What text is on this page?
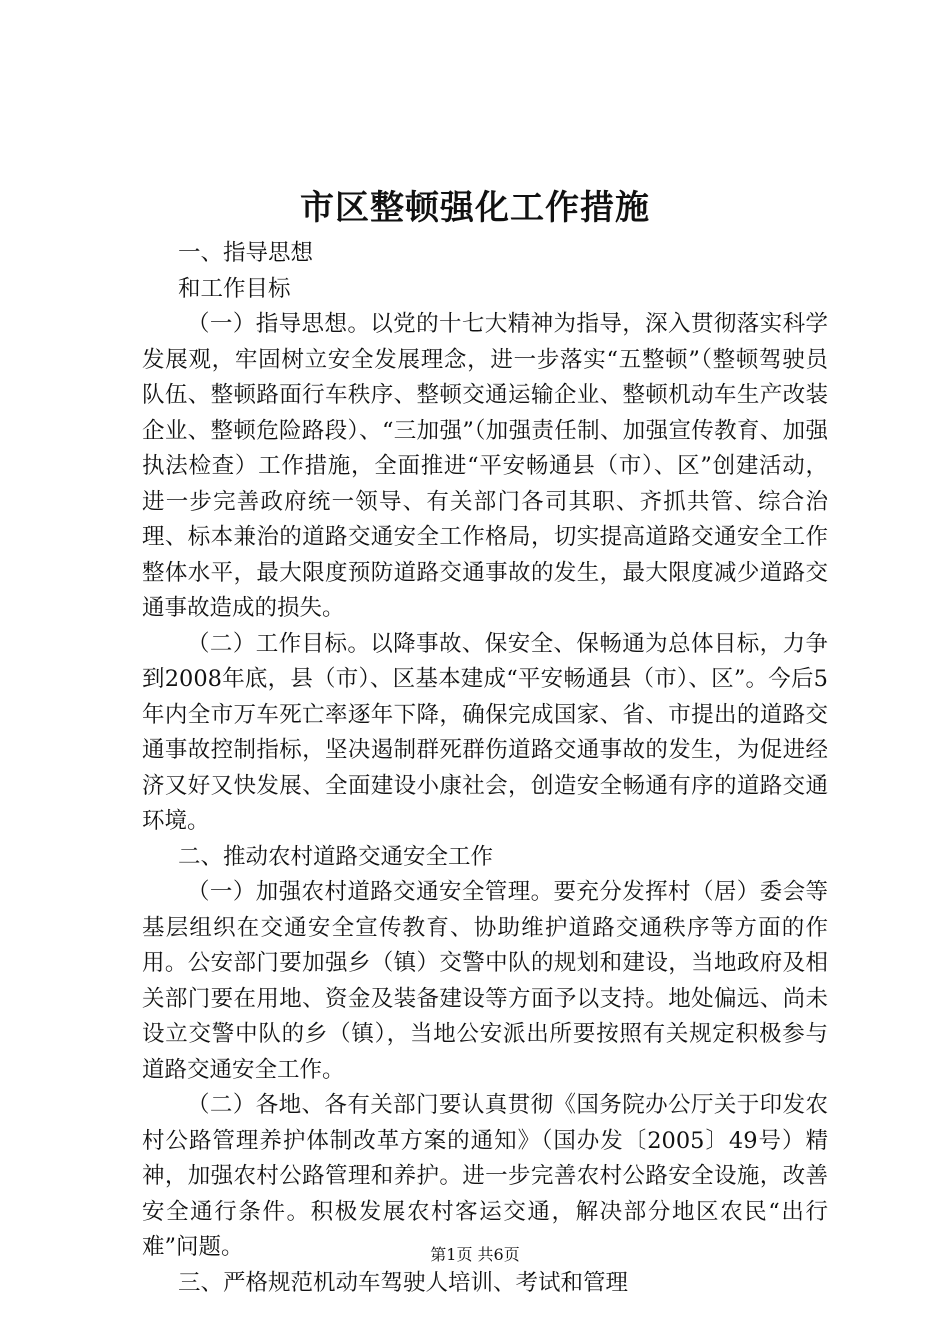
市区整顿强化工作措施
一、指导思想
和工作目标
（一）指导思想。以党的十七大精神为指导，深入贯彻落实科学发展观，牢固树立安全发展理念，进一步落实“五整顿”（整顿驾驶员队伍、整顿路面行车秩序、整顿交通运输企业、整顿机动车生产改装企业、整顿危险路段）、“三加强”（加强责任制、加强宣传教育、加强执法检查）工作措施，全面推进“平安畅通县（市）、区”创建活动，进一步完善政府统一领导、有关部门各司其职、齐抓共管、综合治理、标本兼治的道路交通安全工作格局，切实提高道路交通安全工作整体水平，最大限度预防道路交通事故的发生，最大限度减少道路交通事故造成的损失。
（二）工作目标。以降事故、保安全、保畅通为总体目标，力争到2008年底，县（市）、区基本建成“平安畅通县（市）、区”。今后5年内全市万车死亡率逐年下降，确保完成国家、省、市提出的道路交通事故控制指标，坚决遏制群死群伤道路交通事故的发生，为促进经济又好又快发展、全面建设小康社会，创造安全畅通有序的道路交通环境。
二、推动农村道路交通安全工作
（一）加强农村道路交通安全管理。要充分发挥村（居）委会等基层组织在交通安全宣传教育、协助维护道路交通秩序等方面的作用。公安部门要加强乡（镇）交警中队的规划和建设，当地政府及相关部门要在用地、资金及装备建设等方面予以支持。地处偏远、尚未设立交警中队的乡（镇），当地公安派出所要按照有关规定积极参与道路交通安全工作。
（二）各地、各有关部门要认真贯彻《国务院办公厅关于印发农村公路管理养护体制改革方案的通知》（国办发〔2005〕49号）精神，加强农村公路管理和养护。进一步完善农村公路安全设施，改善安全通行条件。积极发展农村客运交通，解决部分地区农民“出行难”问题。
三、严格规范机动车驾驶人培训、考试和管理
第1页 共6页
